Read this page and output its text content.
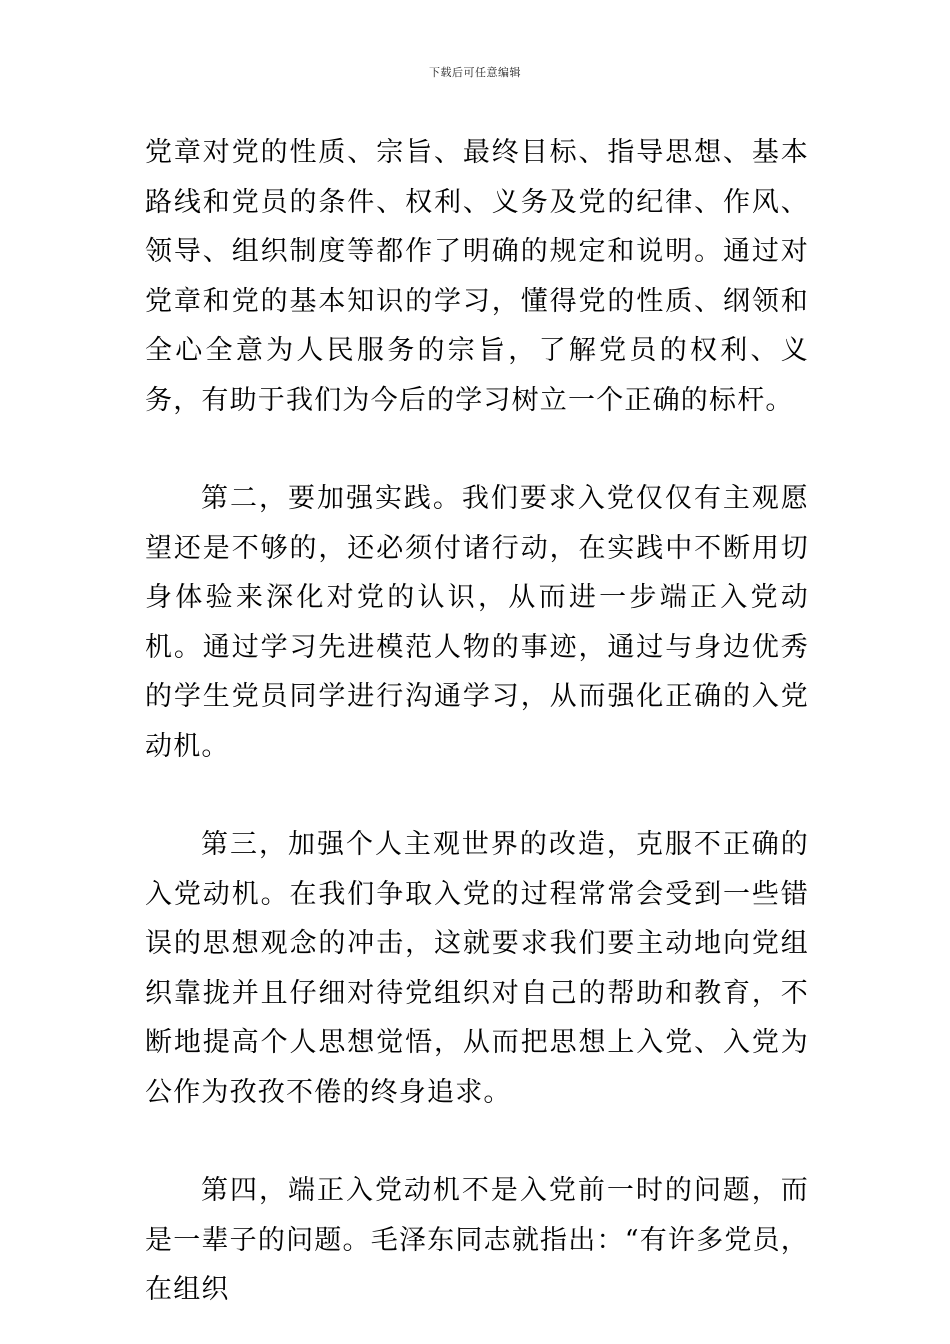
下载后可任意编辑

党章对党的性质、宗旨、最终目标、指导思想、基本路线和党员的条件、权利、义务及党的纪律、作风、领导、组织制度等都作了明确的规定和说明。通过对党章和党的基本知识的学习，懂得党的性质、纲领和全心全意为人民服务的宗旨，了解党员的权利、义务，有助于我们为今后的学习树立一个正确的标杆。

第二，要加强实践。我们要求入党仅仅有主观愿望还是不够的，还必须付诸行动，在实践中不断用切身体验来深化对党的认识，从而进一步端正入党动机。通过学习先进模范人物的事迹，通过与身边优秀的学生党员同学进行沟通学习，从而强化正确的入党动机。

第三，加强个人主观世界的改造，克服不正确的入党动机。在我们争取入党的过程常常会受到一些错误的思想观念的冲击，这就要求我们要主动地向党组织靠拢并且仔细对待党组织对自己的帮助和教育，不断地提高个人思想觉悟，从而把思想上入党、入党为公作为孜孜不倦的终身追求。

第四，端正入党动机不是入党前一时的问题，而是一辈子的问题。毛泽东同志就指出：“有许多党员，在组织
